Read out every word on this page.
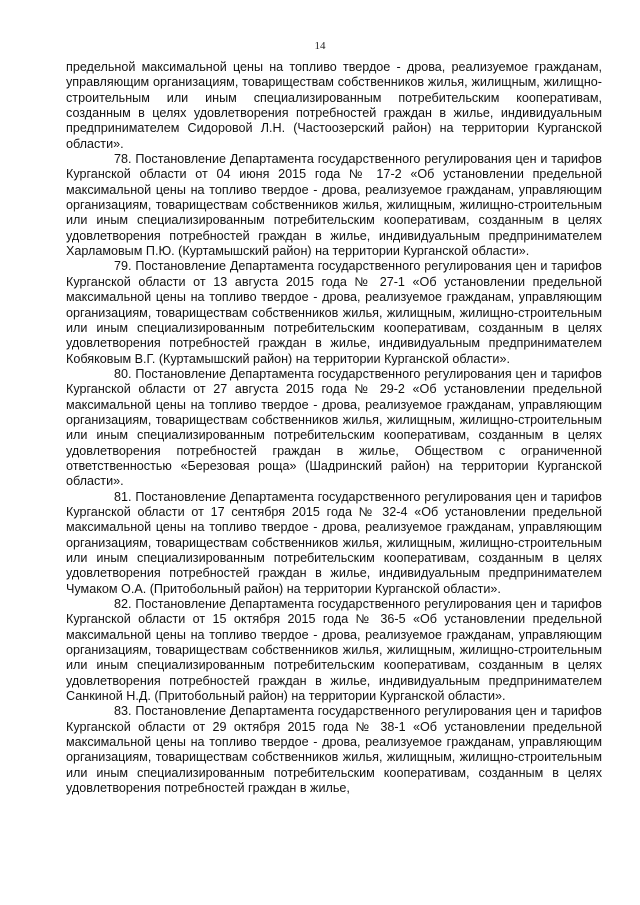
14

предельной максимальной цены на топливо твердое - дрова, реализуемое гражданам, управляющим организациям, товариществам собственников жилья, жилищным, жилищно-строительным или иным специализированным потребительским кооперативам, созданным в целях удовлетворения потребностей граждан в жилье, индивидуальным предпринимателем Сидоровой Л.Н. (Частоозерский район) на территории Курганской области».

78. Постановление Департамента государственного регулирования цен и тарифов Курганской области от 04 июня 2015 года № 17-2 «Об установлении предельной максимальной цены на топливо твердое - дрова, реализуемое гражданам, управляющим организациям, товариществам собственников жилья, жилищным, жилищно-строительным или иным специализированным потребительским кооперативам, созданным в целях удовлетворения потребностей граждан в жилье, индивидуальным предпринимателем Харламовым П.Ю. (Куртамышский район) на территории Курганской области».

79. Постановление Департамента государственного регулирования цен и тарифов Курганской области от 13 августа 2015 года № 27-1 «Об установлении предельной максимальной цены на топливо твердое - дрова, реализуемое гражданам, управляющим организациям, товариществам собственников жилья, жилищным, жилищно-строительным или иным специализированным потребительским кооперативам, созданным в целях удовлетворения потребностей граждан в жилье, индивидуальным предпринимателем Кобяковым В.Г. (Куртамышский район) на территории Курганской области».

80. Постановление Департамента государственного регулирования цен и тарифов Курганской области от 27 августа 2015 года № 29-2 «Об установлении предельной максимальной цены на топливо твердое - дрова, реализуемое гражданам, управляющим организациям, товариществам собственников жилья, жилищным, жилищно-строительным или иным специализированным потребительским кооперативам, созданным в целях удовлетворения потребностей граждан в жилье, Обществом с ограниченной ответственностью «Березовая роща» (Шадринский район) на территории Курганской области».

81. Постановление Департамента государственного регулирования цен и тарифов Курганской области от 17 сентября 2015 года № 32-4 «Об установлении предельной максимальной цены на топливо твердое - дрова, реализуемое гражданам, управляющим организациям, товариществам собственников жилья, жилищным, жилищно-строительным или иным специализированным потребительским кооперативам, созданным в целях удовлетворения потребностей граждан в жилье, индивидуальным предпринимателем Чумаком О.А. (Притобольный район) на территории Курганской области».

82. Постановление Департамента государственного регулирования цен и тарифов Курганской области от 15 октября 2015 года № 36-5 «Об установлении предельной максимальной цены на топливо твердое - дрова, реализуемое гражданам, управляющим организациям, товариществам собственников жилья, жилищным, жилищно-строительным или иным специализированным потребительским кооперативам, созданным в целях удовлетворения потребностей граждан в жилье, индивидуальным предпринимателем Санкиной Н.Д. (Притобольный район) на территории Курганской области».

83. Постановление Департамента государственного регулирования цен и тарифов Курганской области от 29 октября 2015 года № 38-1 «Об установлении предельной максимальной цены на топливо твердое - дрова, реализуемое гражданам, управляющим организациям, товариществам собственников жилья, жилищным, жилищно-строительным или иным специализированным потребительским кооперативам, созданным в целях удовлетворения потребностей граждан в жилье,
